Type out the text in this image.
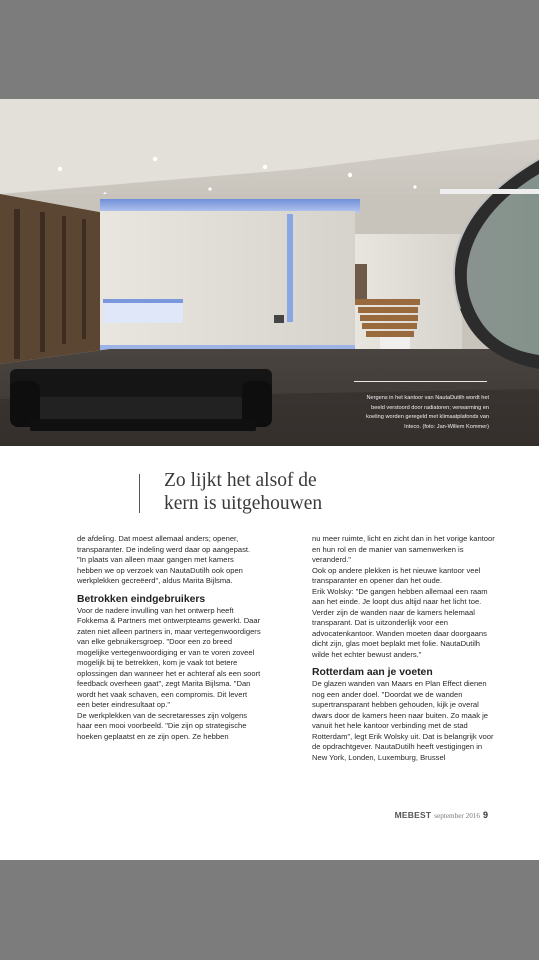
Nergens in het kantoor van NautaDutilh wordt het beeld verstoord door radiatoren; verwarming en koeling worden geregeld met klimaatplafonds van Inteco. (foto: Jan-Willem Kommer)
Zo lijkt het alsof de
kern is uitgehouwen

de afdeling. Dat moest allemaal anders; opener, transparanter. De indeling werd daar op aangepast. "In plaats van alleen maar gangen met kamers hebben we op verzoek van NautaDutilh ook open werkplekken gecreëerd", aldus Marita Bijlsma.

Betrokken eindgebruikers

Voor de nadere invulling van het ontwerp heeft Fokkema & Partners met ontwerpteams gewerkt. Daar zaten niet alleen partners in, maar vertegenwoordigers van elke gebruikersgroep. "Door een zo breed mogelijke vertegenwoordiging er van te voren zoveel mogelijk bij te betrekken, kom je vaak tot betere oplossingen dan wanneer het er achteraf als een soort feedback overheen gaat", zegt Marita Bijlsma. "Dan wordt het vaak schaven, een compromis. Dit levert een beter eindresultaat op."

De werkplekken van de secretaresses zijn volgens haar een mooi voorbeeld. "Die zijn op strategische hoeken geplaatst en ze zijn open. Ze hebben

nu meer ruimte, licht en zicht dan in het vorige kantoor en hun rol en de manier van samenwerken is veranderd."

Ook op andere plekken is het nieuwe kantoor veel transparanter en opener dan het oude.

Erik Wolsky: "De gangen hebben allemaal een raam aan het einde. Je loopt dus altijd naar het licht toe. Verder zijn de wanden naar de kamers helemaal transparant. Dat is uitzonderlijk voor een advocatenkantoor. Wanden moeten daar doorgaans dicht zijn, glas moet beplakt met folie. NautaDutilh wilde het echter bewust anders."

Rotterdam aan je voeten

De glazen wanden van Maars en Plan Effect dienen nog een ander doel. "Doordat we de wanden supertransparant hebben gehouden, kijk je overal dwars door de kamers heen naar buiten. Zo maak je vanuit het hele kantoor verbinding met de stad Rotterdam", legt Erik Wolsky uit. Dat is belangrijk voor de opdrachtgever. NautaDutilh heeft vestigingen in New York, Londen, Luxemburg, Brussel

MEBEST september 2016 9
